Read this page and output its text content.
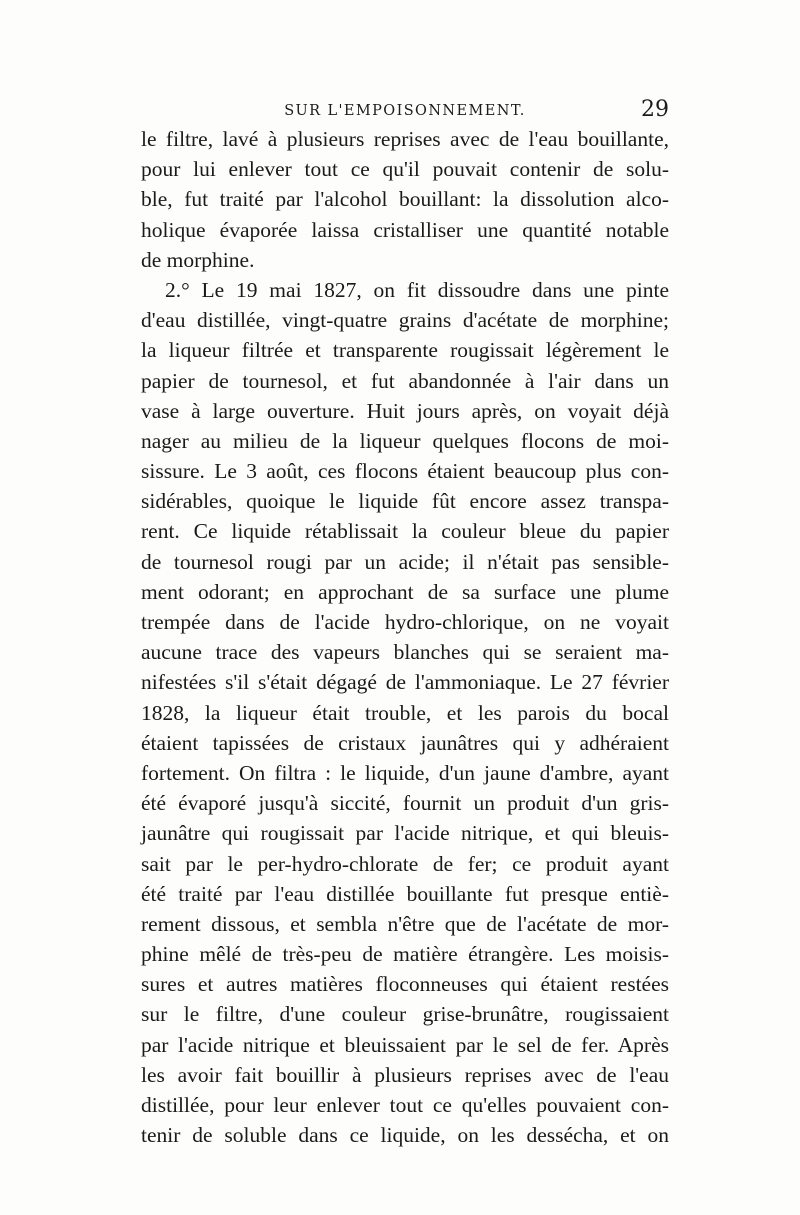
SUR L'EMPOISONNEMENT.	29
le filtre, lavé à plusieurs reprises avec de l'eau bouillante,
pour lui enlever tout ce qu'il pouvait contenir de solu-
ble, fut traité par l'alcohol bouillant: la dissolution alco-
holique évaporée laissa cristalliser une quantité notable
de morphine.
2.° Le 19 mai 1827, on fit dissoudre dans une pinte
d'eau distillée, vingt-quatre grains d'acétate de morphine;
la liqueur filtrée et transparente rougissait légèrement le
papier de tournesol, et fut abandonnée à l'air dans un
vase à large ouverture. Huit jours après, on voyait déjà
nager au milieu de la liqueur quelques flocons de moi-
sissure. Le 3 août, ces flocons étaient beaucoup plus con-
sidérables, quoique le liquide fût encore assez transpa-
rent. Ce liquide rétablissait la couleur bleue du papier
de tournesol rougi par un acide; il n'était pas sensible-
ment odorant; en approchant de sa surface une plume
trempée dans de l'acide hydro-chlorique, on ne voyait
aucune trace des vapeurs blanches qui se seraient ma-
nifestées s'il s'était dégagé de l'ammoniaque. Le 27 février
1828, la liqueur était trouble, et les parois du bocal
étaient tapissées de cristaux jaunâtres qui y adhéraient
fortement. On filtra : le liquide, d'un jaune d'ambre, ayant
été évaporé jusqu'à siccité, fournit un produit d'un gris-
jaunâtre qui rougissait par l'acide nitrique, et qui bleuis-
sait par le per-hydro-chlorate de fer; ce produit ayant
été traité par l'eau distillée bouillante fut presque entiè-
rement dissous, et sembla n'être que de l'acétate de mor-
phine mêlé de très-peu de matière étrangère. Les moisis-
sures et autres matières floconneuses qui étaient restées
sur le filtre, d'une couleur grise-brunâtre, rougissaient
par l'acide nitrique et bleuissaient par le sel de fer. Après
les avoir fait bouillir à plusieurs reprises avec de l'eau
distillée, pour leur enlever tout ce qu'elles pouvaient con-
tenir de soluble dans ce liquide, on les dessécha, et on
